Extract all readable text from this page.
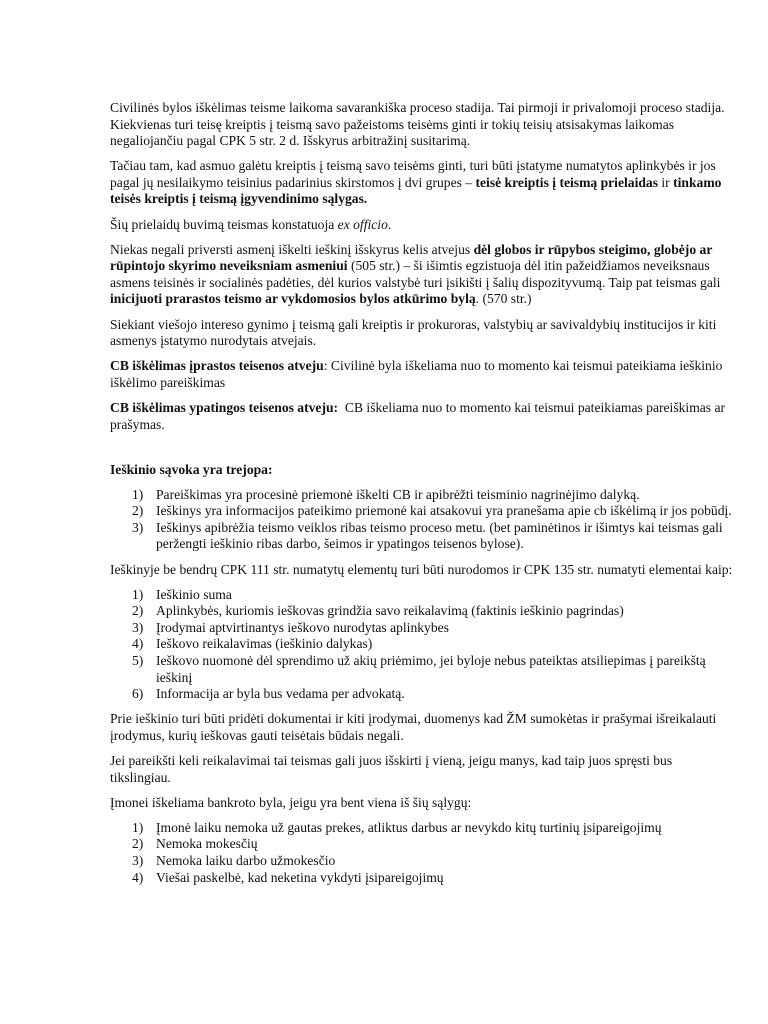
Civilinės bylos iškėlimas teisme laikoma savarankiška proceso stadija. Tai pirmoji ir privalomoji proceso stadija. Kiekvienas turi teisę kreiptis į teismą savo pažeistoms teisėms ginti ir tokių teisių atsisakymas laikomas negaliojančiu pagal CPK 5 str. 2 d. Išskyrus arbitražinį susitarimą.

Tačiau tam, kad asmuo galėtu kreiptis į teismą savo teisėms ginti, turi būti įstatyme numatytos aplinkybės ir jos pagal jų nesilaikymo teisinius padarinius skirstomos į dvi grupes – teisė kreiptis į teismą prielaidas ir tinkamo teisės kreiptis į teismą įgyvendinimo sąlygas.

Šių prielaidų buvimą teismas konstatuoja ex officio.

Niekas negali priversti asmenį iškelti ieškinį išskyrus kelis atvejus dėl globos ir rūpybos steigimo, globėjo ar rūpintojo skyrimo neveiksniam asmeniui (505 str.) – ši išimtis egzistuoja dėl itin pažeidžiamos neveiksnaus asmens teisinės ir socialinės padėties, dėl kurios valstybė turi įsikišti į šalių dispozityvumą. Taip pat teismas gali inicijuoti prarastos teismo ar vykdomosios bylos atkūrimo bylą. (570 str.)

Siekiant viešojo intereso gynimo į teismą gali kreiptis ir prokuroras, valstybių ar savivaldybių institucijos ir kiti asmenys įstatymo nurodytais atvejais.

CB iškėlimas įprastos teisenos atveju: Civilinė byla iškeliama nuo to momento kai teismui pateikiama ieškinio iškėlimo pareiškimas

CB iškėlimas ypatingos teisenos atveju:  CB iškeliama nuo to momento kai teismui pateikiamas pareiškimas ar prašymas.

Ieškinio sąvoka yra trejopa:

1) Pareiškimas yra procesinė priemonė iškelti CB ir apibrėžti teisminio nagrinėjimo dalyką.
2) Ieškinys yra informacijos pateikimo priemonė kai atsakovui yra pranešama apie cb iškėlimą ir jos pobūdį.
3) Ieškinys apibrėžia teismo veiklos ribas teismo proceso metu. (bet paminėtinos ir išimtys kai teismas gali peržengti ieškinio ribas darbo, šeimos ir ypatingos teisenos bylose).

Ieškinyje be bendrų CPK 111 str. numatytų elementų turi būti nurodomos ir CPK 135 str. numatyti elementai kaip:

1) Ieškinio suma
2) Aplinkybės, kuriomis ieškovas grindžia savo reikalavimą (faktinis ieškinio pagrindas)
3) Įrodymai aptvirtinantys ieškovo nurodytas aplinkybes
4) Ieškovo reikalavimas (ieškinio dalykas)
5) Ieškovo nuomonė dėl sprendimo už akių priėmimo, jei byloje nebus pateiktas atsiliepimas į pareikštą ieškinį
6) Informacija ar byla bus vedama per advokatą.

Prie ieškinio turi būti pridėti dokumentai ir kiti įrodymai, duomenys kad ŽM sumokėtas ir prašymai išreikalauti įrodymus, kurių ieškovas gauti teisėtais būdais negali.

Jei pareikšti keli reikalavimai tai teismas gali juos išskirti į vieną, jeigu manys, kad taip juos spręsti bus tikslingiau.

Įmonei iškeliama bankroto byla, jeigu yra bent viena iš šių sąlygų:

1) Įmonė laiku nemoka už gautas prekes, atliktus darbus ar nevykdo kitų turtinių įsipareigojimų
2) Nemoka mokesčių
3) Nemoka laiku darbo užmokesčio
4) Viešai paskelbė, kad neketina vykdyti įsipareigojimų
